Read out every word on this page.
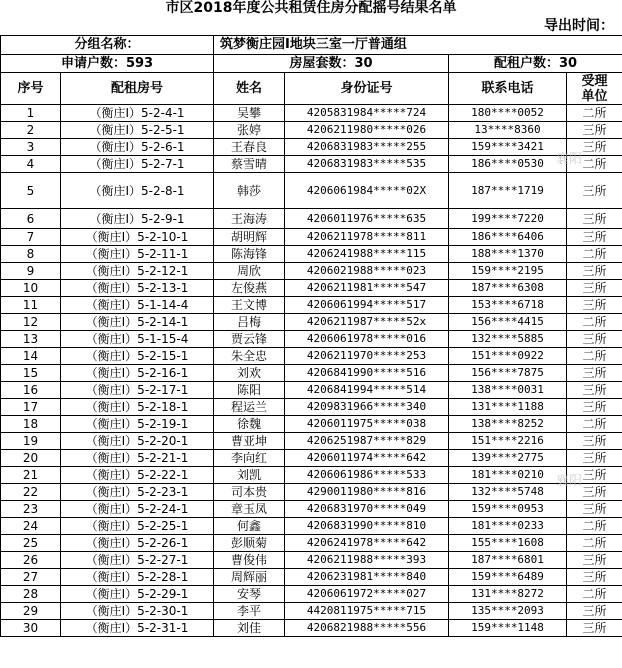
市区2018年度公共租赁住房分配摇号结果名单
导出时间：
分组名称：		筑梦衡庄园Ⅰ地块三室一厅普通组			
申请户数：593		房屋套数：30		配租户数：30	
序号	配租房号	姓名	身份证号	联系电话	受理
单位

1	（衡庄Ⅰ）5-2-4-1	吴攀	4205831984*****724	180****0052	二所
2	（衡庄Ⅰ）5-2-5-1	张婷	4206211980*****026	13****8360	三所
3	（衡庄Ⅰ）5-2-6-1	王春良	4206831983*****255	159****3421	三所
4	（衡庄Ⅰ）5-2-7-1	蔡雪晴	4206831983*****535	186****0530	二所
5	（衡庄Ⅰ）5-2-8-1	韩莎	4206061984*****02X	187****1719	三所
6	（衡庄Ⅰ）5-2-9-1	王海涛	4206011976*****635	199****7220	三所
7	（衡庄Ⅰ）5-2-10-1	胡明辉	4206211978*****811	186****6406	三所
8	（衡庄Ⅰ）5-2-11-1	陈海锋	4206241988*****115	188****1370	二所
9	（衡庄Ⅰ）5-2-12-1	周欣	4206021988*****023	159****2195	三所
10	（衡庄Ⅰ）5-2-13-1	左俊燕	4206211981*****547	187****6308	三所
11	（衡庄Ⅰ）5-1-14-4	王文博	4206061994*****517	153****6718	三所
12	（衡庄Ⅰ）5-2-14-1	吕梅	4206211987*****52x	156****4415	二所
13	（衡庄Ⅰ）5-1-15-4	贾云锋	4206061978*****016	132****5885	三所
14	（衡庄Ⅰ）5-2-15-1	朱全忠	4206211970*****253	151****0922	二所
15	（衡庄Ⅰ）5-2-16-1	刘欢	4206841990*****516	156****7875	三所
16	（衡庄Ⅰ）5-2-17-1	陈阳	4206841994*****514	138****0031	三所
17	（衡庄Ⅰ）5-2-18-1	程运兰	4209831966*****340	131****1188	三所
18	（衡庄Ⅰ）5-2-19-1	徐魏	4206011975*****038	138****8252	二所
19	（衡庄Ⅰ）5-2-20-1	曹亚坤	4206251987*****829	151****2216	三所
20	（衡庄Ⅰ）5-2-21-1	李向红	4206011974*****642	139****2775	三所
21	（衡庄Ⅰ）5-2-22-1	刘凯	4206061986*****533	181****0210	三所
22	（衡庄Ⅰ）5-2-23-1	司本贵	4290011980*****816	132****5748	三所
23	（衡庄Ⅰ）5-2-24-1	章玉凤	4206831970*****049	159****0953	三所
24	（衡庄Ⅰ）5-2-25-1	何鑫	4206831990*****810	181****0233	二所
25	（衡庄Ⅰ）5-2-26-1	彭顺菊	4206241978*****642	155****1608	二所
26	（衡庄Ⅰ）5-2-27-1	曹俊伟	4206211988*****393	187****6801	三所
27	（衡庄Ⅰ）5-2-28-1	周辉丽	4206231981*****840	159****6489	三所
28	（衡庄Ⅰ）5-2-29-1	安琴	4206061972*****027	131****8272	二所
29	（衡庄Ⅰ）5-2-30-1	李平	4420811975*****715	135****2093	三所
30	（衡庄Ⅰ）5-2-31-1	刘佳	4206821988*****556	159****1148	三所
襄阳
襄阳
